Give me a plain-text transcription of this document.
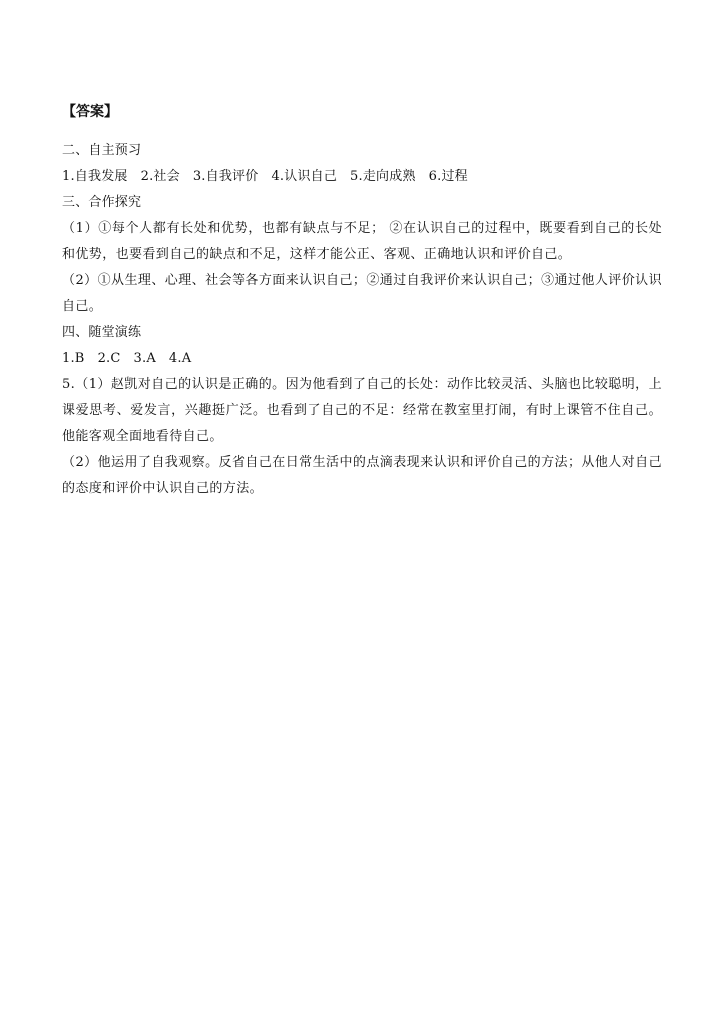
【答案】
二、自主预习
1.自我发展 2.社会 3.自我评价 4.认识自己 5.走向成熟 6.过程
三、合作探究
（1）①每个人都有长处和优势，也都有缺点与不足； ②在认识自己的过程中，既要看到自己的长处和优势，也要看到自己的缺点和不足，这样才能公正、客观、正确地认识和评价自己。
（2）①从生理、心理、社会等各方面来认识自己；②通过自我评价来认识自己；③通过他人评价认识自己。
四、随堂演练
1.B 2.C 3.A 4.A
5.（1）赵凯对自己的认识是正确的。因为他看到了自己的长处：动作比较灵活、头脑也比较聪明，上课爱思考、爱发言，兴趣挺广泛。也看到了自己的不足：经常在教室里打闹，有时上课管不住自己。他能客观全面地看待自己。
（2）他运用了自我观察。反省自己在日常生活中的点滴表现来认识和评价自己的方法；从他人对自己的态度和评价中认识自己的方法。
